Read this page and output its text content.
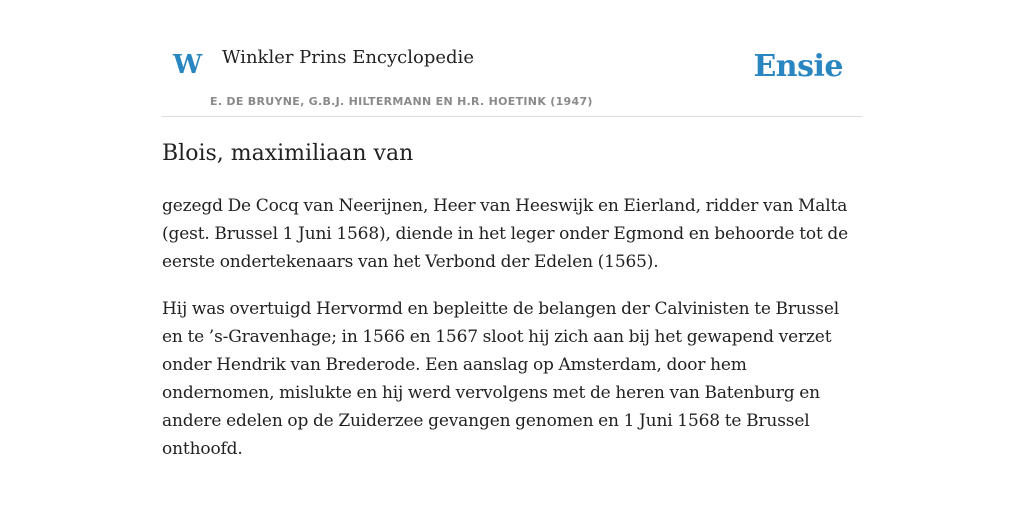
W Winkler Prins Encyclopedie
E. DE BRUYNE, G.B.J. HILTERMANN EN H.R. HOETINK (1947)
Ensie
Blois, maximiliaan van

gezegd De Cocq van Neerijnen, Heer van Heeswijk en Eierland, ridder van Malta (gest. Brussel 1 Juni 1568), diende in het leger onder Egmond en behoorde tot de eerste ondertekenaars van het Verbond der Edelen (1565).

Hij was overtuigd Hervormd en bepleitte de belangen der Calvinisten te Brussel en te ’s-Gravenhage; in 1566 en 1567 sloot hij zich aan bij het gewapend verzet onder Hendrik van Brederode. Een aanslag op Amsterdam, door hem ondernomen, mislukte en hij werd vervolgens met de heren van Batenburg en andere edelen op de Zuiderzee gevangen genomen en 1 Juni 1568 te Brussel onthoofd.
